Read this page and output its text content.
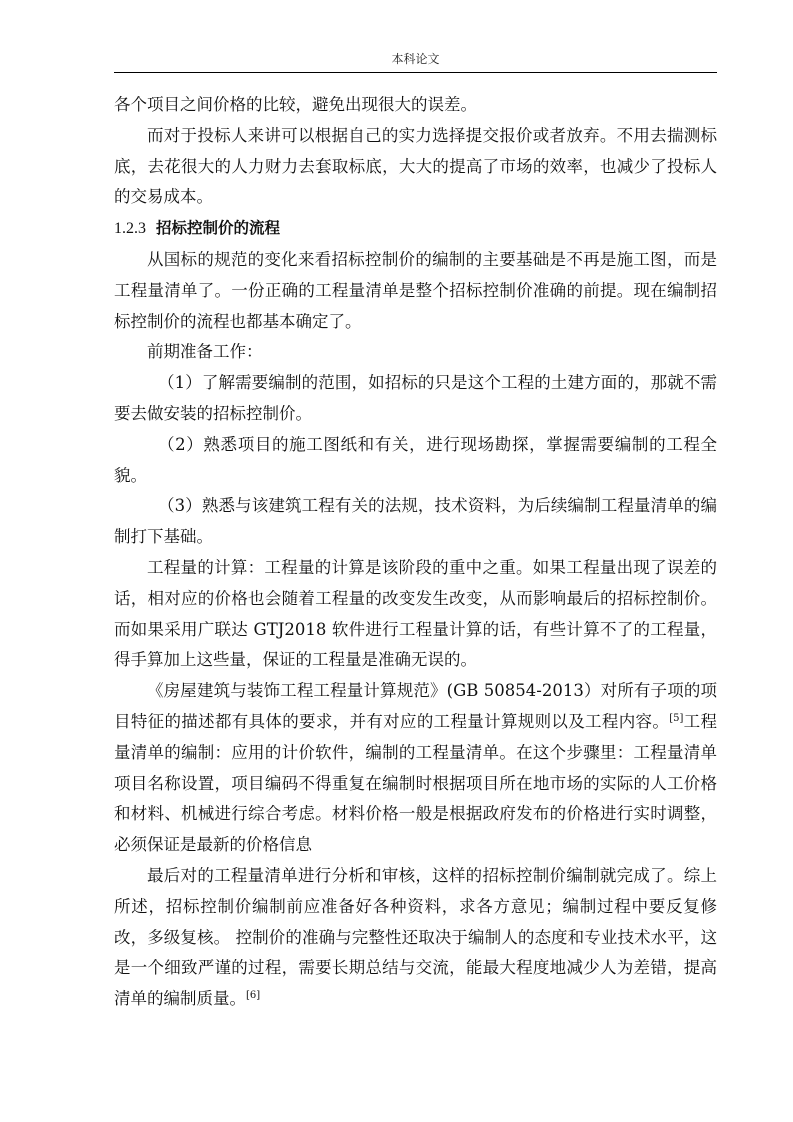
本科论文

各个项目之间价格的比较，避免出现很大的误差。

而对于投标人来讲可以根据自己的实力选择提交报价或者放弃。不用去揣测标底，去花很大的人力财力去套取标底，大大的提高了市场的效率，也减少了投标人的交易成本。

1.2.3 招标控制价的流程

从国标的规范的变化来看招标控制价的编制的主要基础是不再是施工图，而是工程量清单了。一份正确的工程量清单是整个招标控制价准确的前提。现在编制招标控制价的流程也都基本确定了。

前期准备工作：

（1）了解需要编制的范围，如招标的只是这个工程的土建方面的，那就不需要去做安装的招标控制价。

（2）熟悉项目的施工图纸和有关，进行现场勘探，掌握需要编制的工程全貌。

（3）熟悉与该建筑工程有关的法规，技术资料，为后续编制工程量清单的编制打下基础。

工程量的计算：工程量的计算是该阶段的重中之重。如果工程量出现了误差的话，相对应的价格也会随着工程量的改变发生改变，从而影响最后的招标控制价。而如果采用广联达 GTJ2018 软件进行工程量计算的话，有些计算不了的工程量，得手算加上这些量，保证的工程量是准确无误的。

《房屋建筑与装饰工程工程量计算规范》(GB 50854-2013）对所有子项的项目特征的描述都有具体的要求，并有对应的工程量计算规则以及工程内容。[5]工程量清单的编制：应用的计价软件，编制的工程量清单。在这个步骤里：工程量清单项目名称设置，项目编码不得重复在编制时根据项目所在地市场的实际的人工价格和材料、机械进行综合考虑。材料价格一般是根据政府发布的价格进行实时调整，必须保证是最新的价格信息

最后对的工程量清单进行分析和审核，这样的招标控制价编制就完成了。综上所述，招标控制价编制前应准备好各种资料，求各方意见；编制过程中要反复修改，多级复核。 控制价的准确与完整性还取决于编制人的态度和专业技术水平，这是一个细致严谨的过程，需要长期总结与交流，能最大程度地减少人为差错，提高清单的编制质量。[6]
